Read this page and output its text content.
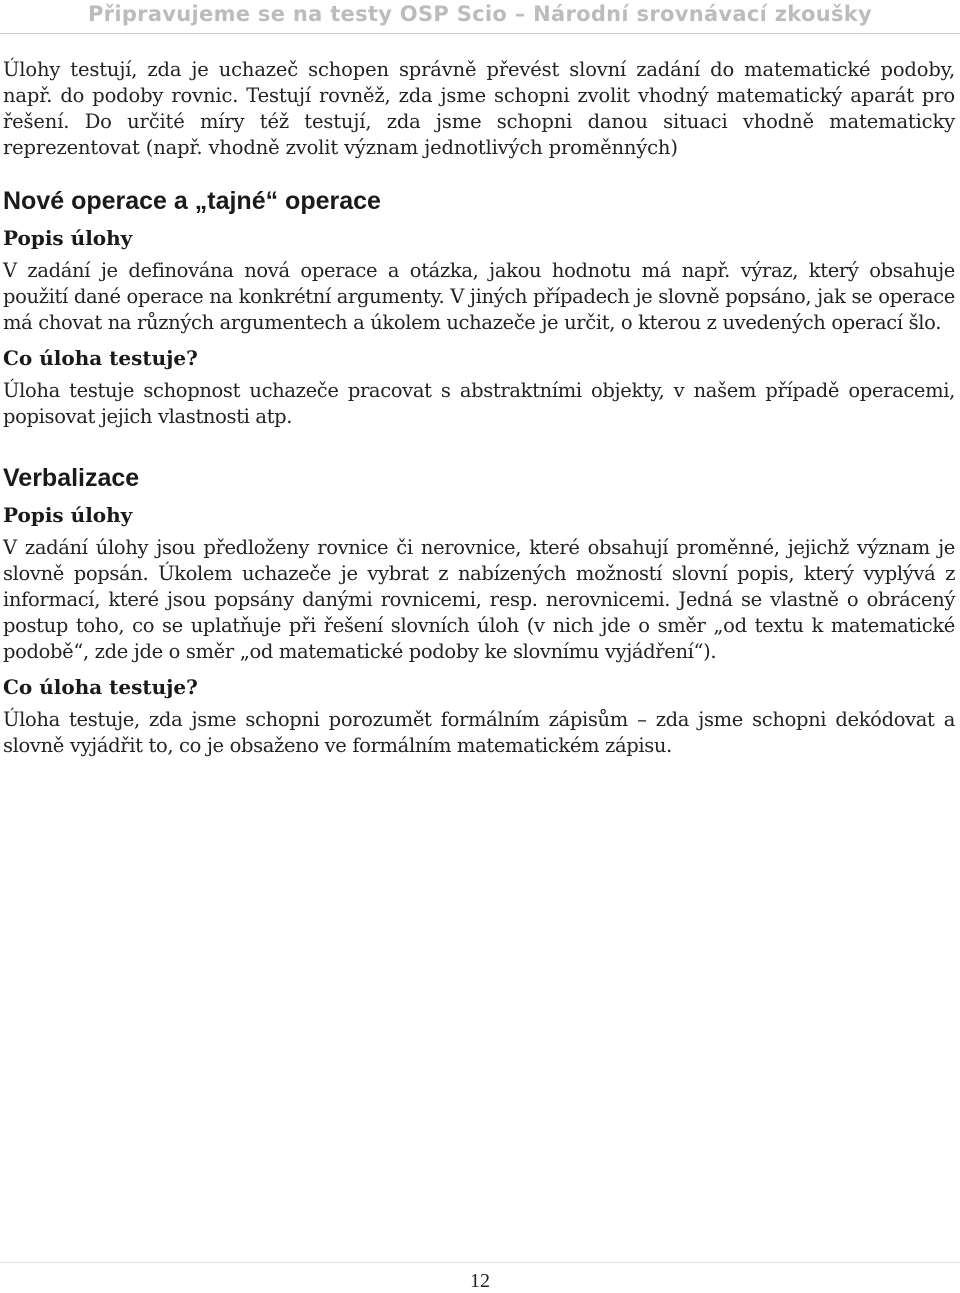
Připravujeme se na testy OSP Scio – Národní srovnávací zkoušky

Úlohy testují, zda je uchazeč schopen správně převést slovní zadání do matematické podoby, např. do podoby rovnic. Testují rovněž, zda jsme schopni zvolit vhodný matematický aparát pro řešení. Do určité míry též testují, zda jsme schopni danou situaci vhodně matematicky reprezentovat (např. vhodně zvolit význam jednotlivých proměnných)

Nové operace a „tajné“ operace
Popis úlohy

V zadání je definována nová operace a otázka, jakou hodnotu má např. výraz, který obsahuje použití dané operace na konkrétní argumenty. V jiných případech je slovně popsáno, jak se operace má chovat na různých argumentech a úkolem uchazeče je určit, o kterou z uvedených operací šlo.

Co úloha testuje?

Úloha testuje schopnost uchazeče pracovat s abstraktními objekty, v našem případě operacemi, popisovat jejich vlastnosti atp.

Verbalizace
Popis úlohy

V zadání úlohy jsou předloženy rovnice či nerovnice, které obsahují proměnné, jejichž význam je slovně popsán. Úkolem uchazeče je vybrat z nabízených možností slovní popis, který vyplývá z informací, které jsou popsány danými rovnicemi, resp. nerovnicemi. Jedná se vlastně o obrácený postup toho, co se uplatňuje při řešení slovních úloh (v nich jde o směr „od textu k matematické podobě“, zde jde o směr „od matematické podoby ke slovnímu vyjádření“).

Co úloha testuje?

Úloha testuje, zda jsme schopni porozumět formálním zápisům – zda jsme schopni dekódovat a slovně vyjádřit to, co je obsaženo ve formálním matematickém zápisu.

12
